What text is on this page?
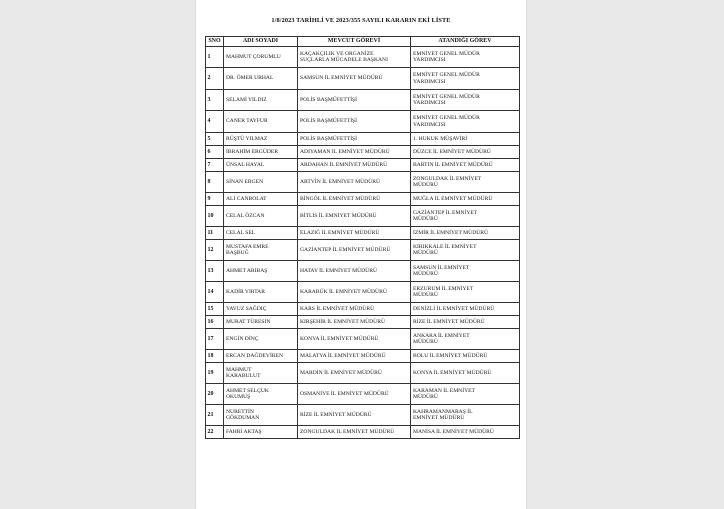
1/8/2023 TARİHLİ VE 2023/355 SAYILI KARARIN EKİ LİSTE
SNO	ADI SOYADI	MEVCUT GÖREVİ	ATANDIĞI GÖREV
1	MAHMUT ÇORUMLU	KAÇAKÇILIK VE ORGANİZE
SUÇLARLA MÜCADELE BAŞKANI	EMNİYET GENEL MÜDÜR
YARDIMCISI
2	DR. ÖMER URHAL	SAMSUN İL EMNİYET MÜDÜRÜ	EMNİYET GENEL MÜDÜR
YARDIMCISI
3	SELAMİ YILDIZ	POLİS BAŞMÜFETTİŞİ	EMNİYET GENEL MÜDÜR
YARDIMCISI
4	CANER TAYFUR	POLİS BAŞMÜFETTİŞİ	EMNİYET GENEL MÜDÜR
YARDIMCISI
5	RÜŞTÜ YILMAZ	POLİS BAŞMÜFETTİŞİ	1. HUKUK MÜŞAVİRİ
6	İBRAHİM ERGÜDER	ADIYAMAN İL EMNİYET MÜDÜRÜ	DÜZCE İL EMNİYET MÜDÜRÜ
7	ÜNSAL HAYAL	ARDAHAN İL EMNİYET MÜDÜRÜ	BARTIN İL EMNİYET MÜDÜRÜ
8	SİNAN ERGEN	ARTVİN İL EMNİYET MÜDÜRÜ	ZONGULDAK İL EMNİYET
MÜDÜRÜ
9	ALİ CANBOLAT	BİNGÖL İL EMNİYET MÜDÜRÜ	MUĞLA İL EMNİYET MÜDÜRÜ
10	CELAL ÖZCAN	BİTLİS İL EMNİYET MÜDÜRÜ	GAZİANTEP İL EMNİYET
MÜDÜRÜ
11	CELAL SEL	ELAZIĞ İL EMNİYET MÜDÜRÜ	İZMİR İL EMNİYET MÜDÜRÜ
12	MUSTAFA EMRE
BAŞBUĞ	GAZİANTEP İL EMNİYET MÜDÜRÜ	KIRIKKALE İL EMNİYET
MÜDÜRÜ
13	AHMET ARIBAŞ	HATAY İL EMNİYET MÜDÜRÜ	SAMSUN İL EMNİYET
MÜDÜRÜ
14	KADİR YIRTAR	KARABÜK İL EMNİYET MÜDÜRÜ	ERZURUM İL EMNİYET
MÜDÜRÜ
15	YAVUZ SAĞDIÇ	KARS İL EMNİYET MÜDÜRÜ	DENİZLİ İL EMNİYET MÜDÜRÜ
16	MURAT TÜRESİN	KIRŞEHİR İL EMNİYET MÜDÜRÜ	RİZE İL EMNİYET MÜDÜRÜ
17	ENGİN DİNÇ	KONYA İL EMNİYET MÜDÜRÜ	ANKARA İL EMNİYET
MÜDÜRÜ
18	ERCAN DAĞDEVİREN	MALATYA İL EMNİYET MÜDÜRÜ	BOLU İL EMNİYET MÜDÜRÜ
19	MAHMUT
KARABULUT	MARDİN İL EMNİYET MÜDÜRÜ	KONYA İL EMNİYET MÜDÜRÜ
20	AHMET SELÇUK
OKUMUŞ	OSMANİYE İL EMNİYET MÜDÜRÜ	KARAMAN İL EMNİYET
MÜDÜRÜ
21	NURETTİN
GÖKDUMAN	RİZE İL EMNİYET MÜDÜRÜ	KAHRAMANMARAŞ İL
EMNİYET MÜDÜRÜ
22	FAHRİ AKTAŞ	ZONGULDAK İL EMNİYET MÜDÜRÜ	MANİSA İL EMNİYET MÜDÜRÜ
